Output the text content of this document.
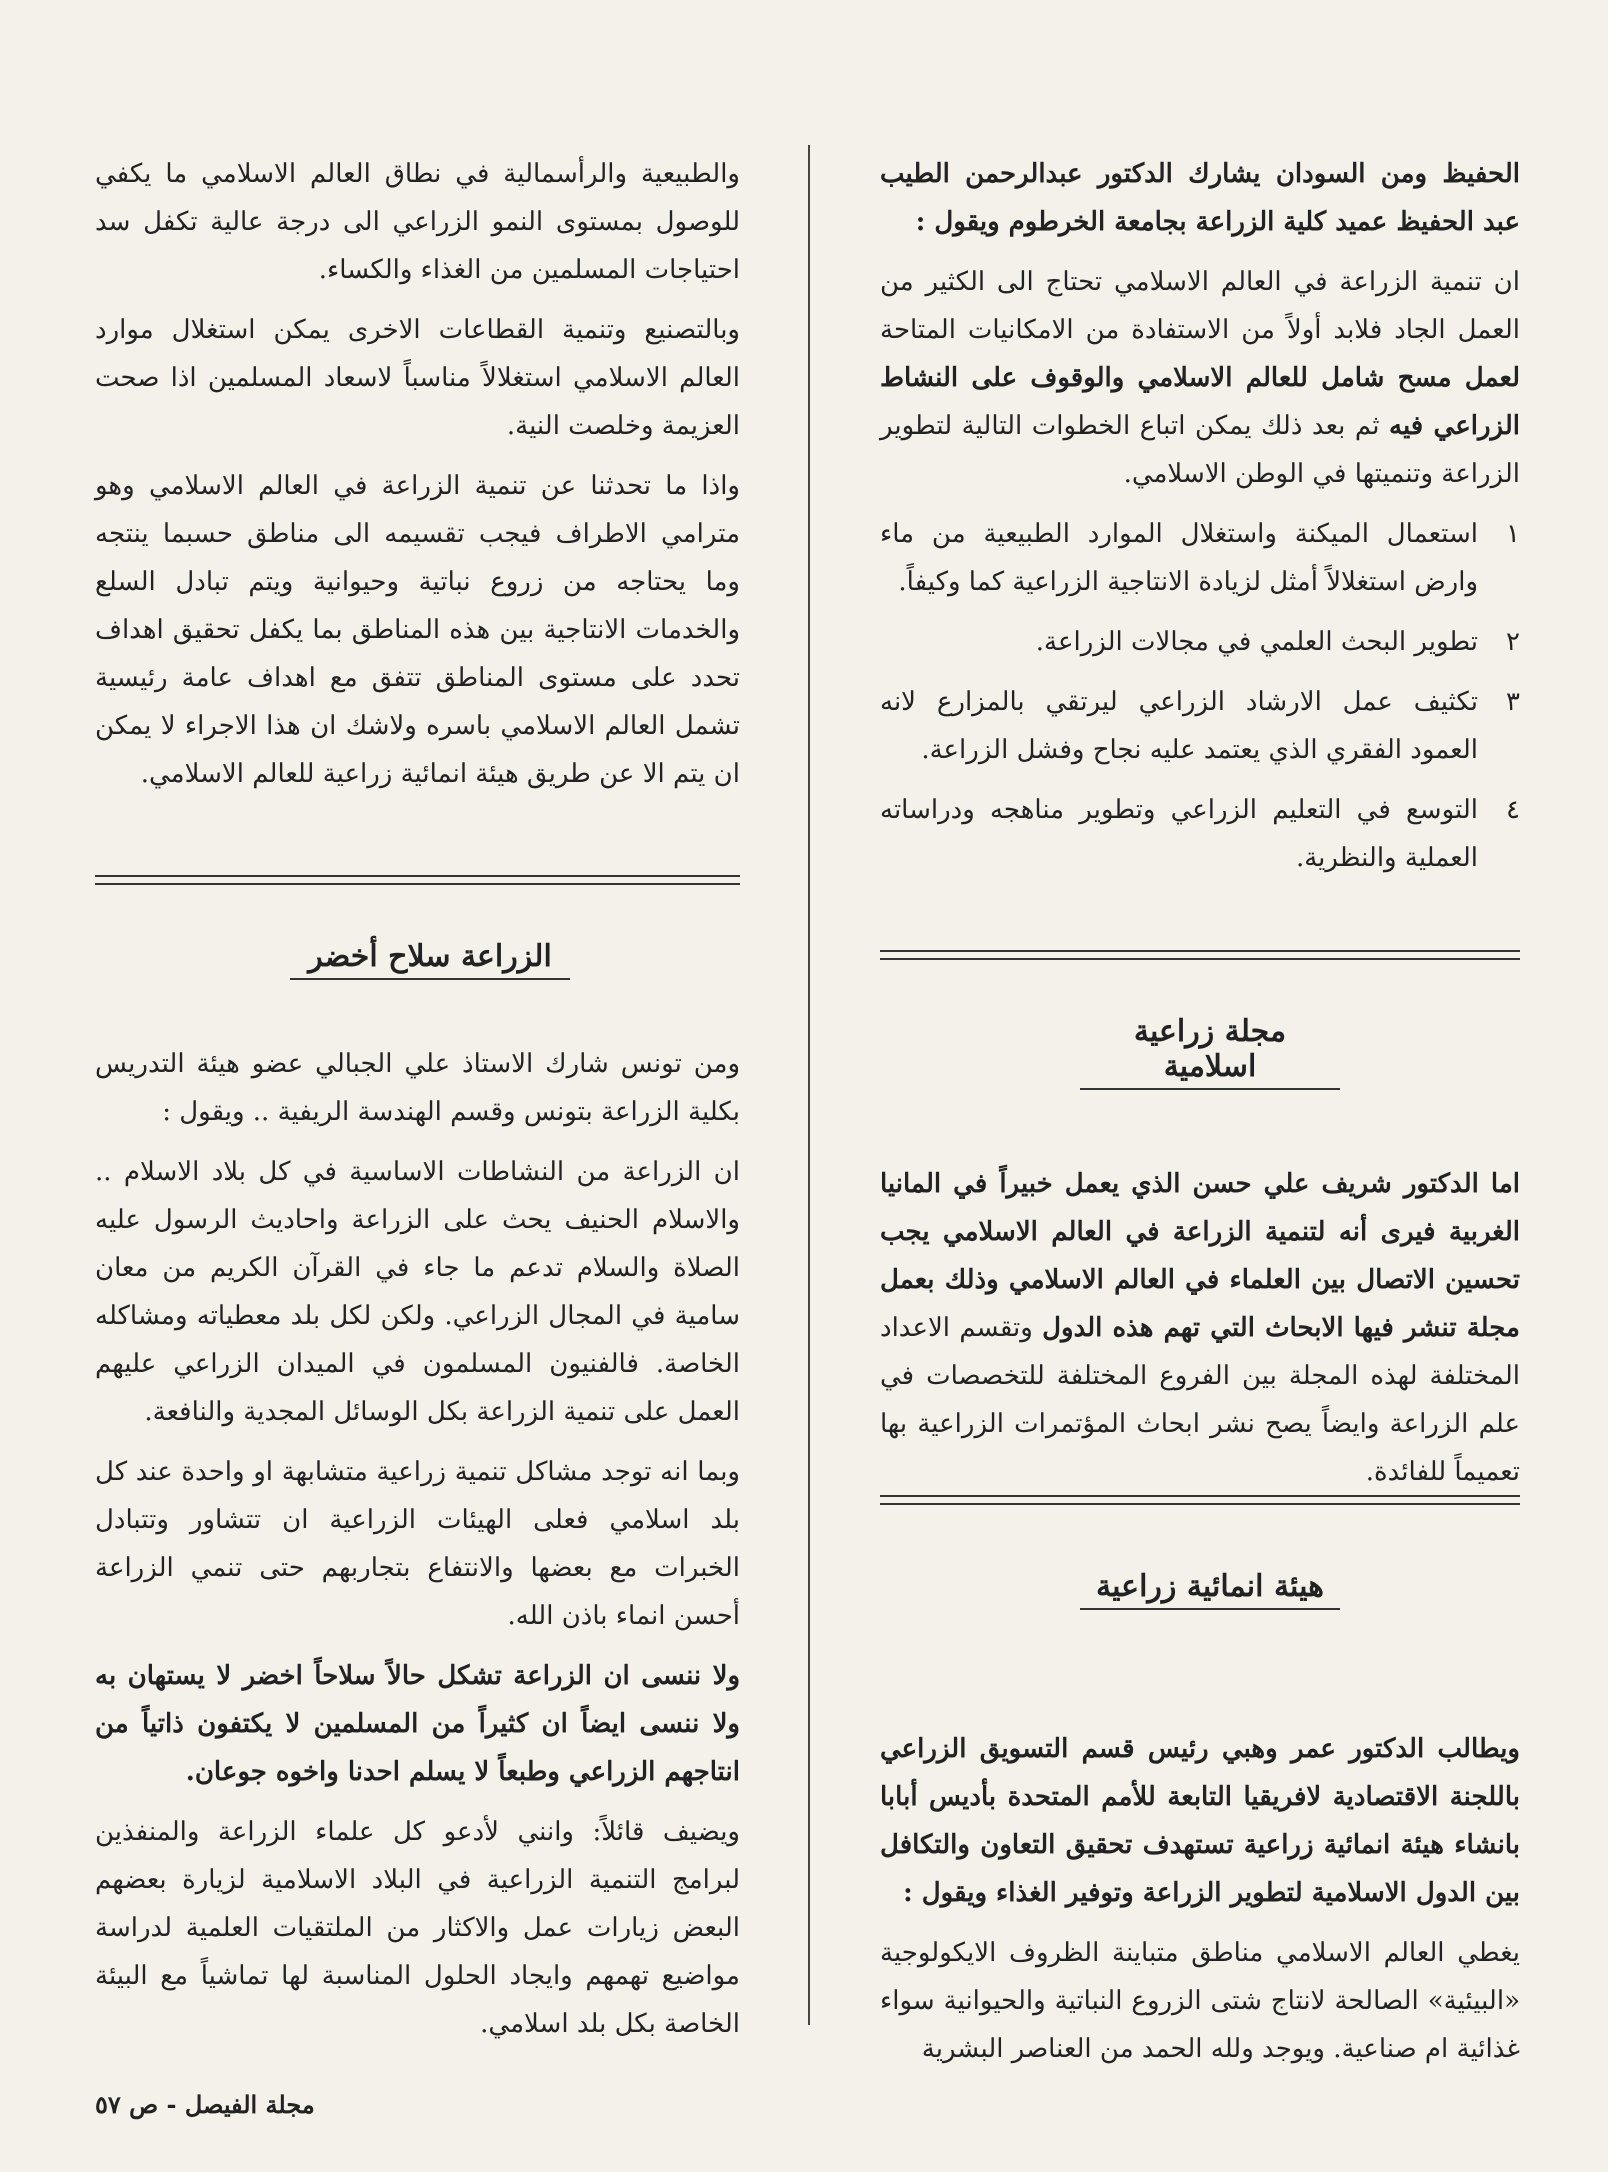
الحفيظ ومن السودان يشارك الدكتور عبدالرحمن الطيب عبد الحفيظ عميد كلية الزراعة بجامعة الخرطوم ويقول :

ان تنمية الزراعة في العالم الاسلامي تحتاج الى الكثير من العمل الجاد فلابد أولاً من الاستفادة من الامكانيات المتاحة لعمل مسح شامل للعالم الاسلامي والوقوف على النشاط الزراعي فيه ثم بعد ذلك يمكن اتباع الخطوات التالية لتطوير الزراعة وتنميتها في الوطن الاسلامي.

١
استعمال الميكنة واستغلال الموارد الطبيعية من ماء وارض استغلالاً أمثل لزيادة الانتاجية الزراعية كما وكيفاً.

٢
تطوير البحث العلمي في مجالات الزراعة.

٣
تكثيف عمل الارشاد الزراعي ليرتقي بالمزارع لانه العمود الفقري الذي يعتمد عليه نجاح وفشل الزراعة.

٤
التوسع في التعليم الزراعي وتطوير مناهجه ودراساته العملية والنظرية.

مجلة زراعية اسلامية

اما الدكتور شريف علي حسن الذي يعمل خبيراً في المانيا الغربية فيرى أنه لتنمية الزراعة في العالم الاسلامي يجب تحسين الاتصال بين العلماء في العالم الاسلامي وذلك بعمل مجلة تنشر فيها الابحاث التي تهم هذه الدول وتقسم الاعداد المختلفة لهذه المجلة بين الفروع المختلفة للتخصصات في علم الزراعة وايضاً يصح نشر ابحاث المؤتمرات الزراعية بها تعميماً للفائدة.

هيئة انمائية زراعية

ويطالب الدكتور عمر وهبي رئيس قسم التسويق الزراعي باللجنة الاقتصادية لافريقيا التابعة للأمم المتحدة بأديس أبابا بانشاء هيئة انمائية زراعية تستهدف تحقيق التعاون والتكافل بين الدول الاسلامية لتطوير الزراعة وتوفير الغذاء ويقول :

يغطي العالم الاسلامي مناطق متباينة الظروف الايكولوجية «البيئية» الصالحة لانتاج شتى الزروع النباتية والحيوانية سواء غذائية ام صناعية. ويوجد ولله الحمد من العناصر البشرية

والطبيعية والرأسمالية في نطاق العالم الاسلامي ما يكفي للوصول بمستوى النمو الزراعي الى درجة عالية تكفل سد احتياجات المسلمين من الغذاء والكساء.

وبالتصنيع وتنمية القطاعات الاخرى يمكن استغلال موارد العالم الاسلامي استغلالاً مناسباً لاسعاد المسلمين اذا صحت العزيمة وخلصت النية.

واذا ما تحدثنا عن تنمية الزراعة في العالم الاسلامي وهو مترامي الاطراف فيجب تقسيمه الى مناطق حسبما ينتجه وما يحتاجه من زروع نباتية وحيوانية ويتم تبادل السلع والخدمات الانتاجية بين هذه المناطق بما يكفل تحقيق اهداف تحدد على مستوى المناطق تتفق مع اهداف عامة رئيسية تشمل العالم الاسلامي باسره ولاشك ان هذا الاجراء لا يمكن ان يتم الا عن طريق هيئة انمائية زراعية للعالم الاسلامي.

الزراعة سلاح أخضر

ومن تونس شارك الاستاذ علي الجبالي عضو هيئة التدريس بكلية الزراعة بتونس وقسم الهندسة الريفية .. ويقول :

ان الزراعة من النشاطات الاساسية في كل بلاد الاسلام .. والاسلام الحنيف يحث على الزراعة واحاديث الرسول عليه الصلاة والسلام تدعم ما جاء في القرآن الكريم من معان سامية في المجال الزراعي. ولكن لكل بلد معطياته ومشاكله الخاصة. فالفنيون المسلمون في الميدان الزراعي عليهم العمل على تنمية الزراعة بكل الوسائل المجدية والنافعة.

وبما انه توجد مشاكل تنمية زراعية متشابهة او واحدة عند كل بلد اسلامي فعلى الهيئات الزراعية ان تتشاور وتتبادل الخبرات مع بعضها والانتفاع بتجاربهم حتى تنمي الزراعة أحسن انماء باذن الله.

ولا ننسى ان الزراعة تشكل حالاً سلاحاً اخضر لا يستهان به ولا ننسى ايضاً ان كثيراً من المسلمين لا يكتفون ذاتياً من انتاجهم الزراعي وطبعاً لا يسلم احدنا واخوه جوعان.

ويضيف قائلاً: وانني لأدعو كل علماء الزراعة والمنفذين لبرامج التنمية الزراعية في البلاد الاسلامية لزيارة بعضهم البعض زيارات عمل والاكثار من الملتقيات العلمية لدراسة مواضيع تهمهم وايجاد الحلول المناسبة لها تماشياً مع البيئة الخاصة بكل بلد اسلامي.

مجلة الفيصل - ص ٥٧
